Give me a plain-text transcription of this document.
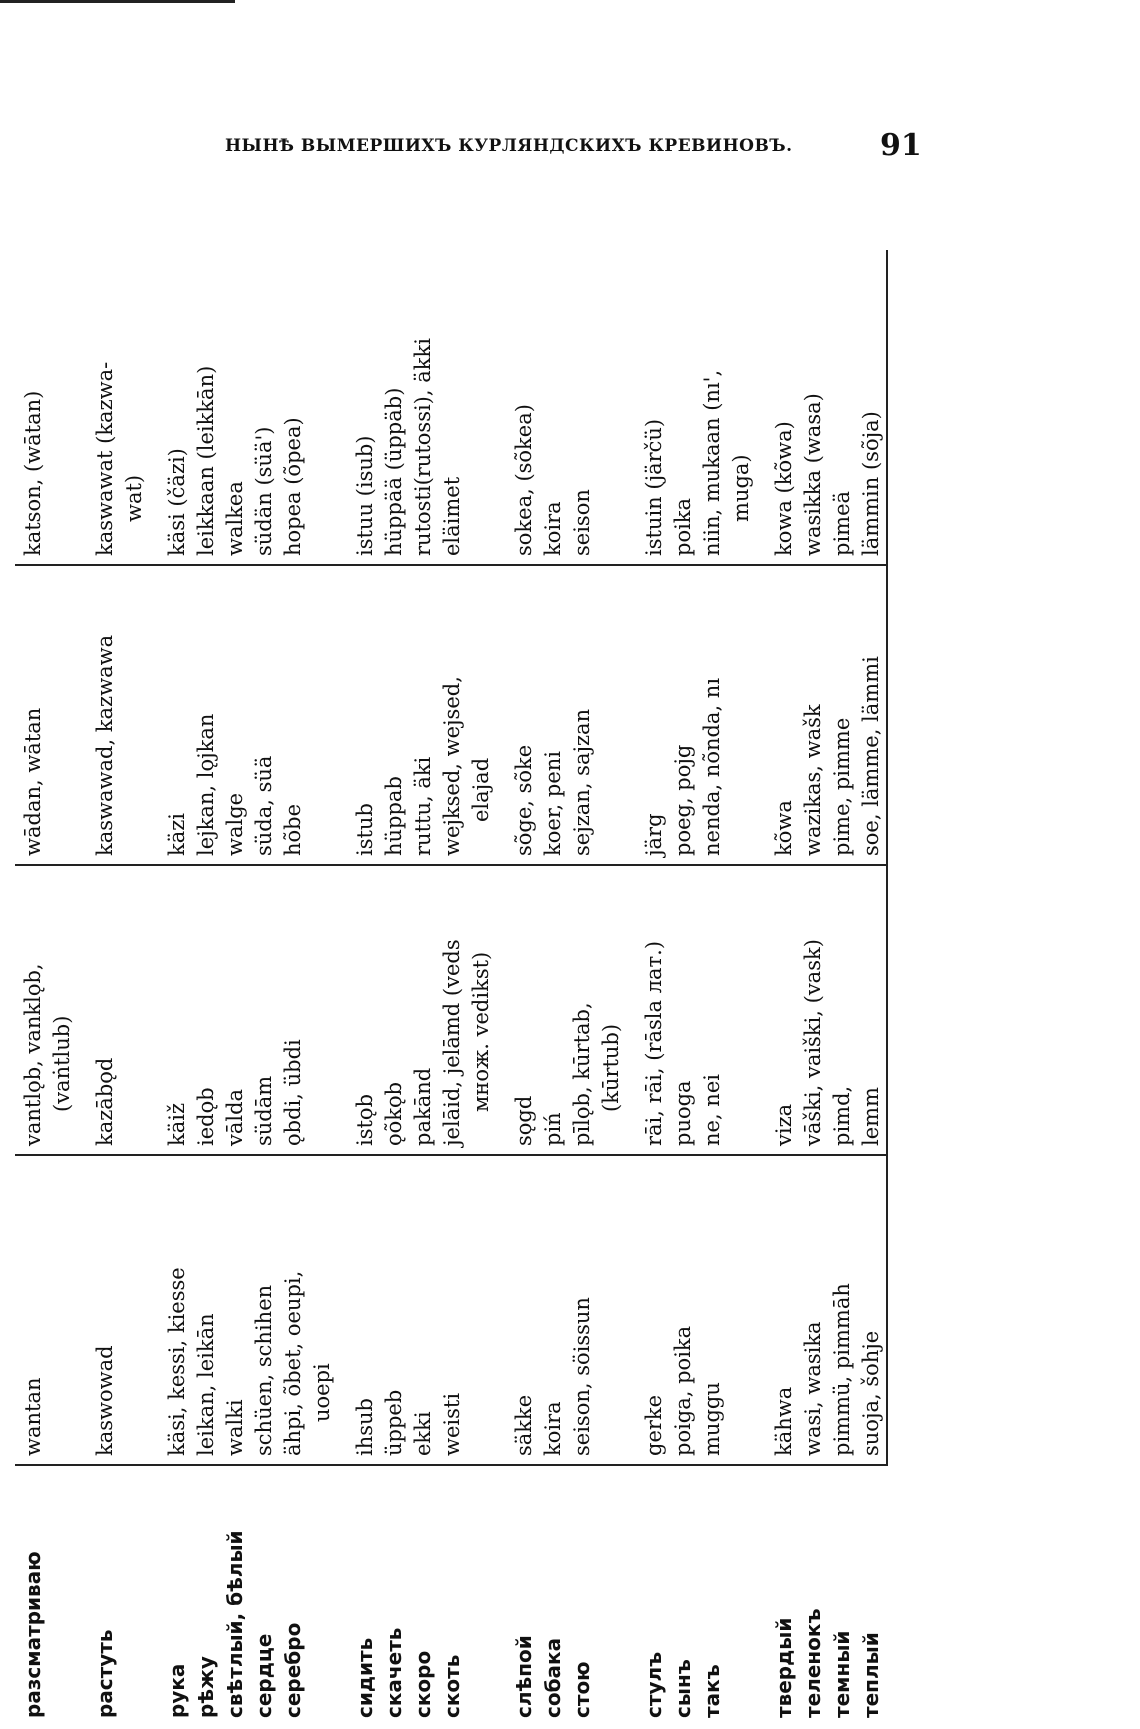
НЫНѢ ВЫМЕРШИХЪ КУРЛЯНДСКИХЪ КРЕВИНОВЪ.	91
разсматриваю	wantan	vantlǫb, vanklǫb, (vaṅtlub)	wādan, wātan	katson, (wātan)

растуть	kaswowad	kazābǫd	kaswawad, kazwawa	kaswawat (kazwa- wat)

рука	käsi, kessi, kiesse	käiž	käzi	käsi (čäzi)

рѣжу	leikan, leikān	iedǫb	lejkan, lǫjkan	leikkaan (leikkān)

свѣтлый, бѣлый	walki	vālda	walge	walkea

сердце	schüen, schihen	südām	süda, süä	südän (süä')

серебро	ähpi, õbet, oeupi, uoepi	ǫbdi, übdi	hõbe	hopea (õpea)

сидить	ihsub	istǫb	istub	istuu (isub)

скачеть	üppeb	ǫõkǫb	hüppab	hüppää (üppäb)

скоро	ekki	pakānd	ruttu, äki	rutosti(rutossi), äkki

скоть	weisti	jelāid, jelāmd (veds множ. vedikst)	wejksed, wejsed, elajad	eläimet

слѣпой	säkke	sǫgd	sõge, sõke	sokea, (sõkea)

собака	koira	piń	koer, peni	koira

стою	seison, söissun	pīlǫb, kūrtab, (kūrtub)	sejzan, sajzan	seison

стулъ	gerke	rāi, rāi, (rāsla лат.)	järg	istuin (järčü)

сынъ	poiga, poika	puoga	poeg, pojg	poika

такъ	muggu	ne, nei	nenda, nõnda, nı	niin, mukaan (nı', muga)

твердый	kähwa	viza	kõwa	kowa (kõwa)

теленокъ	wasi, wasika	vāški, vaiški, (vask)	wazikas, wašk	wasikka (wasa)

темный	pimmü, pimmāh	pimd,	pime, pimme	pimeä

теплый	suoja, šohje	lemm	soe, lämme, lämmi	lämmin (sõja)
